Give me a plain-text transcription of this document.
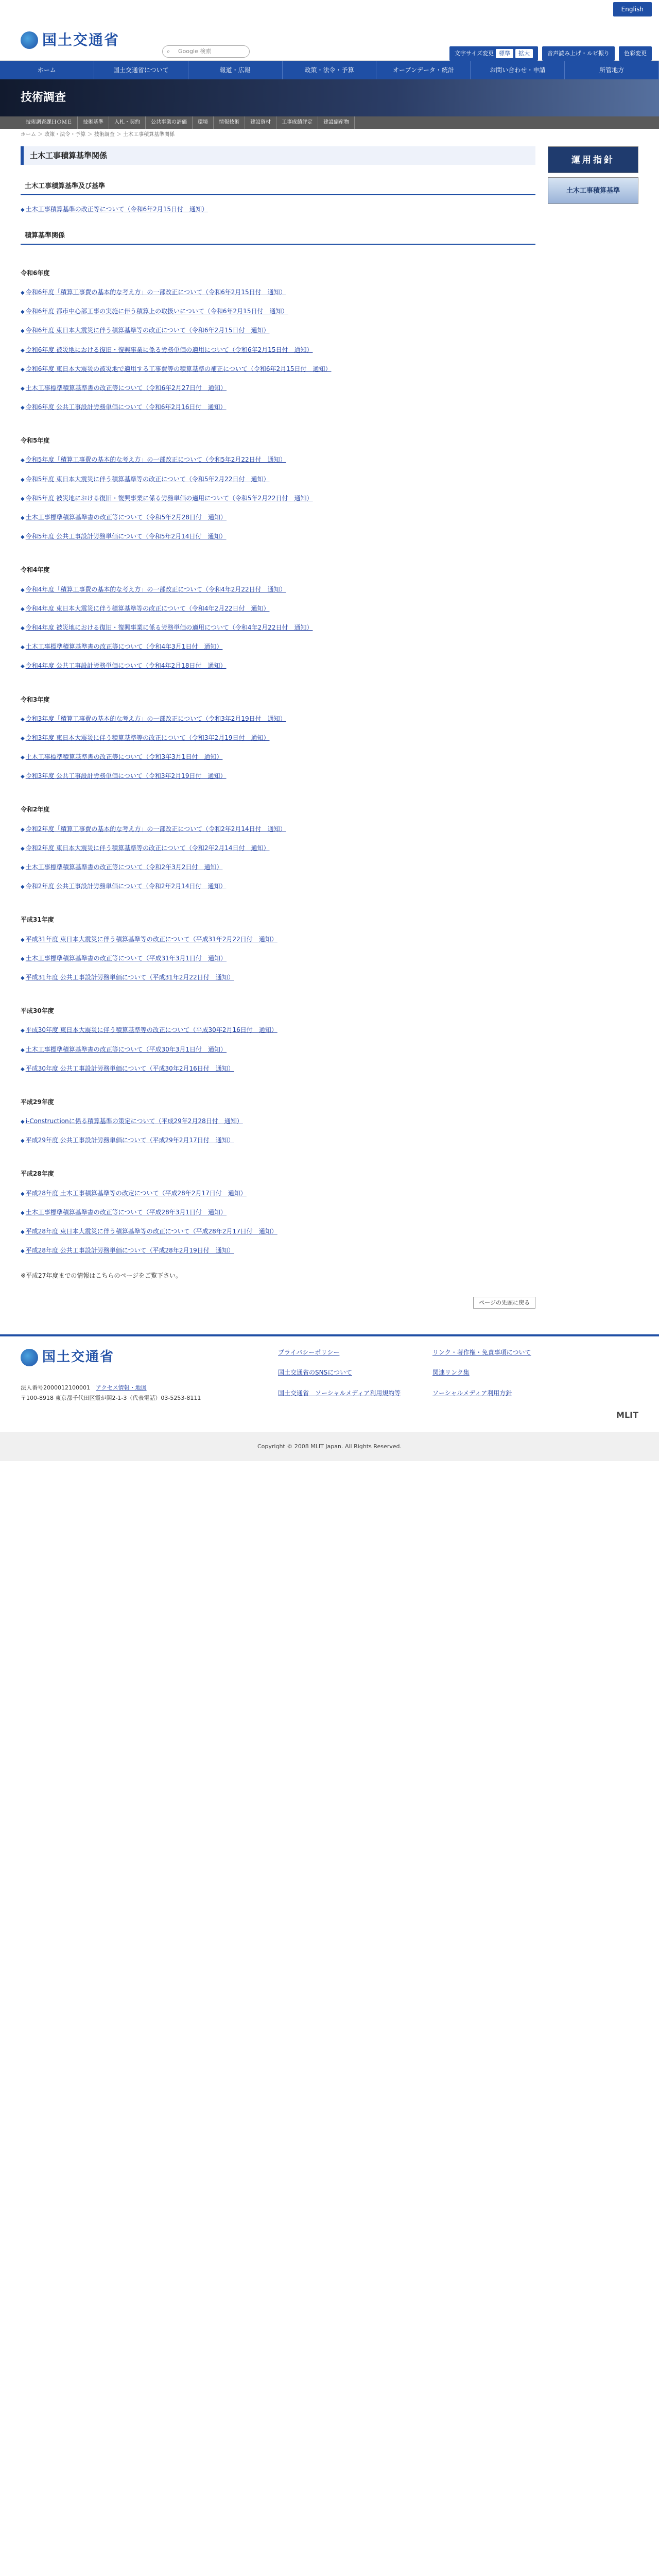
English
国土交通省
⌕ Google 検索	文字サイズ変更 標準	拡大	音声読み上げ・ルビ振り	色彩変更
ホーム	国土交通省について	報道・広報	政策・法令・予算	オープンデータ・統計	お問い合わせ・申請	所管地方
技術調査
技術調査課ＨＯＭＥ	技術基準	入札・契約	公共事業の評価	環境	情報技術	建設資材	工事成績評定	建設副産物
ホーム ＞ 政策・法令・予算 ＞ 技術調査 ＞ 土木工事積算基準関係
土木工事積算基準関係
土木工事積算基準及び基準
◆ 土木工事積算基準の改正等について（令和6年2月15日付　通知）
積算基準関係
令和6年度
◆ 令和6年度「積算工事費の基本的な考え方」の一部改正について（令和6年2月15日付　通知）
◆ 令和6年度 都市中心部工事の実施に伴う積算上の取扱いについて（令和6年2月15日付　通知）
◆ 令和6年度 東日本大震災に伴う積算基準等の改正について（令和6年2月15日付　通知）
◆ 令和6年度 被災地における復旧・復興事業に係る労務単価の適用について（令和6年2月15日付　通知）
◆ 令和6年度 東日本大震災の被災地で適用する工事費等の積算基準の補正について（令和6年2月15日付　通知）
◆ 土木工事標準積算基準書の改正等について（令和6年2月27日付　通知）
◆ 令和6年度 公共工事設計労務単価について（令和6年2月16日付　通知）
令和5年度
◆ 令和5年度「積算工事費の基本的な考え方」の一部改正について（令和5年2月22日付　通知）
◆ 令和5年度 東日本大震災に伴う積算基準等の改正について（令和5年2月22日付　通知）
◆ 令和5年度 被災地における復旧・復興事業に係る労務単価の適用について（令和5年2月22日付　通知）
◆ 土木工事標準積算基準書の改正等について（令和5年2月28日付　通知）
◆ 令和5年度 公共工事設計労務単価について（令和5年2月14日付　通知）
令和4年度
◆ 令和4年度「積算工事費の基本的な考え方」の一部改正について（令和4年2月22日付　通知）
◆ 令和4年度 東日本大震災に伴う積算基準等の改正について（令和4年2月22日付　通知）
◆ 令和4年度 被災地における復旧・復興事業に係る労務単価の適用について（令和4年2月22日付　通知）
◆ 土木工事標準積算基準書の改正等について（令和4年3月1日付　通知）
◆ 令和4年度 公共工事設計労務単価について（令和4年2月18日付　通知）
令和3年度
◆ 令和3年度「積算工事費の基本的な考え方」の一部改正について（令和3年2月19日付　通知）
◆ 令和3年度 東日本大震災に伴う積算基準等の改正について（令和3年2月19日付　通知）
◆ 土木工事標準積算基準書の改正等について（令和3年3月1日付　通知）
◆ 令和3年度 公共工事設計労務単価について（令和3年2月19日付　通知）
令和2年度
◆ 令和2年度「積算工事費の基本的な考え方」の一部改正について（令和2年2月14日付　通知）
◆ 令和2年度 東日本大震災に伴う積算基準等の改正について（令和2年2月14日付　通知）
◆ 土木工事標準積算基準書の改正等について（令和2年3月2日付　通知）
◆ 令和2年度 公共工事設計労務単価について（令和2年2月14日付　通知）
平成31年度
◆ 平成31年度 東日本大震災に伴う積算基準等の改正について（平成31年2月22日付　通知）
◆ 土木工事標準積算基準書の改正等について（平成31年3月1日付　通知）
◆ 平成31年度 公共工事設計労務単価について（平成31年2月22日付　通知）
平成30年度
◆ 平成30年度 東日本大震災に伴う積算基準等の改正について（平成30年2月16日付　通知）
◆ 土木工事標準積算基準書の改正等について（平成30年3月1日付　通知）
◆ 平成30年度 公共工事設計労務単価について（平成30年2月16日付　通知）
平成29年度
◆ i-Constructionに係る積算基準の策定について（平成29年2月28日付　通知）
◆ 平成29年度 公共工事設計労務単価について（平成29年2月17日付　通知）
平成28年度
◆ 平成28年度 土木工事積算基準等の改定について（平成28年2月17日付　通知）
◆ 土木工事標準積算基準書の改正等について（平成28年3月1日付　通知）
◆ 平成28年度 東日本大震災に伴う積算基準等の改正について（平成28年2月17日付　通知）
◆ 平成28年度 公共工事設計労務単価について（平成28年2月19日付　通知）
※平成27年度までの情報はこちらのページをご覧下さい。
ページの先頭に戻る
運用指針
土木工事積算基準
国土交通省
法人番号2000012100001　 アクセス情報・地図
〒100-8918 東京都千代田区霞が関2-1-3（代表電話）03-5253-8111
プライバシーポリシー	リンク・著作権・免責事項について
国土交通省のSNSについて	関連リンク集
国土交通省　ソーシャルメディア利用規約等	ソーシャルメディア利用方針
MLIT
Copyright © 2008 MLIT Japan. All Rights Reserved.
